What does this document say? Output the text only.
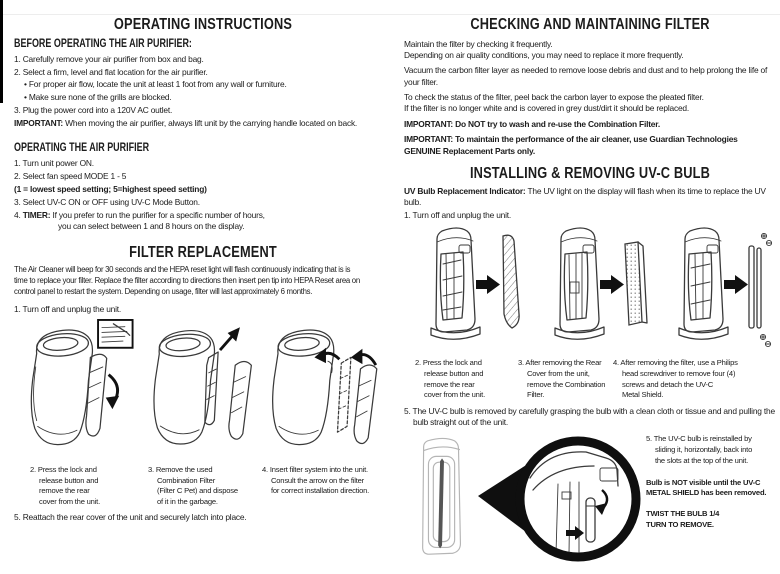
OPERATING INSTRUCTIONS
BEFORE OPERATING THE AIR PURIFIER:
1. Carefully remove your air purifier from box and bag.
2. Select a firm, level and flat location for the air purifier.
• For proper air flow, locate the unit at least 1 foot from any wall or furniture.
• Make sure none of the grills are blocked.
3. Plug the power cord into a 120V AC outlet.
IMPORTANT: When moving the air purifier, always lift unit by the carrying handle located on back.
OPERATING THE AIR PURIFIER
1. Turn unit power ON.
2. Select fan speed MODE 1 - 5
(1 = lowest speed setting; 5=highest speed setting)
3. Select UV-C ON or OFF using UV-C Mode Button.
4. TIMER: If you prefer to run the purifier for a specific number of hours,
you can select between 1 and 8 hours on the display.
FILTER REPLACEMENT

The Air Cleaner will beep for 30 seconds and the HEPA reset light will flash continuously indicating that is is time to replace your filter. Replace the filter according to directions then insert pen tip into HEPA Reset area on control panel to restart the system. Depending on usage, filter will last approximately 6 months.

1. Turn off and unplug the unit.
2. Press the lock and
release button and
remove the rear
cover from the unit.
3. Remove the used
Combination Filter
(Filter C Pet) and dispose
of it in the garbage.
4. Insert filter system into the unit.
Consult the arrow on the filter
for correct installation direction.
5. Reattach the rear cover of the unit and securely latch into place.
CHECKING AND MAINTAINING FILTER
Maintain the filter by checking it frequently.
Depending on air quality conditions, you may need to replace it more frequently.

Vacuum the carbon filter layer as needed to remove loose debris and dust and to help prolong the life of your filter.

To check the status of the filter, peel back the carbon layer to expose the pleated filter.
If the filter is no longer white and is covered in grey dust/dirt it should be replaced.
IMPORTANT: Do NOT try to wash and re-use the Combination Filter.

IMPORTANT: To maintain the performance of the air cleaner, use Guardian Technologies GENUINE Replacement Parts only.

INSTALLING & REMOVING UV-C BULB

UV Bulb Replacement Indicator: The UV light on the display will flash when its time to replace the UV bulb.

1. Turn off and unplug the unit.
2. Press the lock and
release button and
remove the rear
cover from the unit.
3. After removing the Rear
Cover from the unit,
remove the Combination
Filter.
4. After removing the filter, use a Philips
head screwdriver to remove four (4)
screws and detach the UV-C
Metal Shield.

5. The UV-C bulb is removed by carefully grasping the bulb with a clean cloth or tissue and and pulling the bulb straight out of the unit.

5. The UV-C bulb is reinstalled by
sliding it, horizontally, back into
the slots at the top of the unit.
Bulb is NOT visible until the UV-C
METAL SHIELD has been removed.
TWIST THE BULB 1/4
TURN TO REMOVE.
